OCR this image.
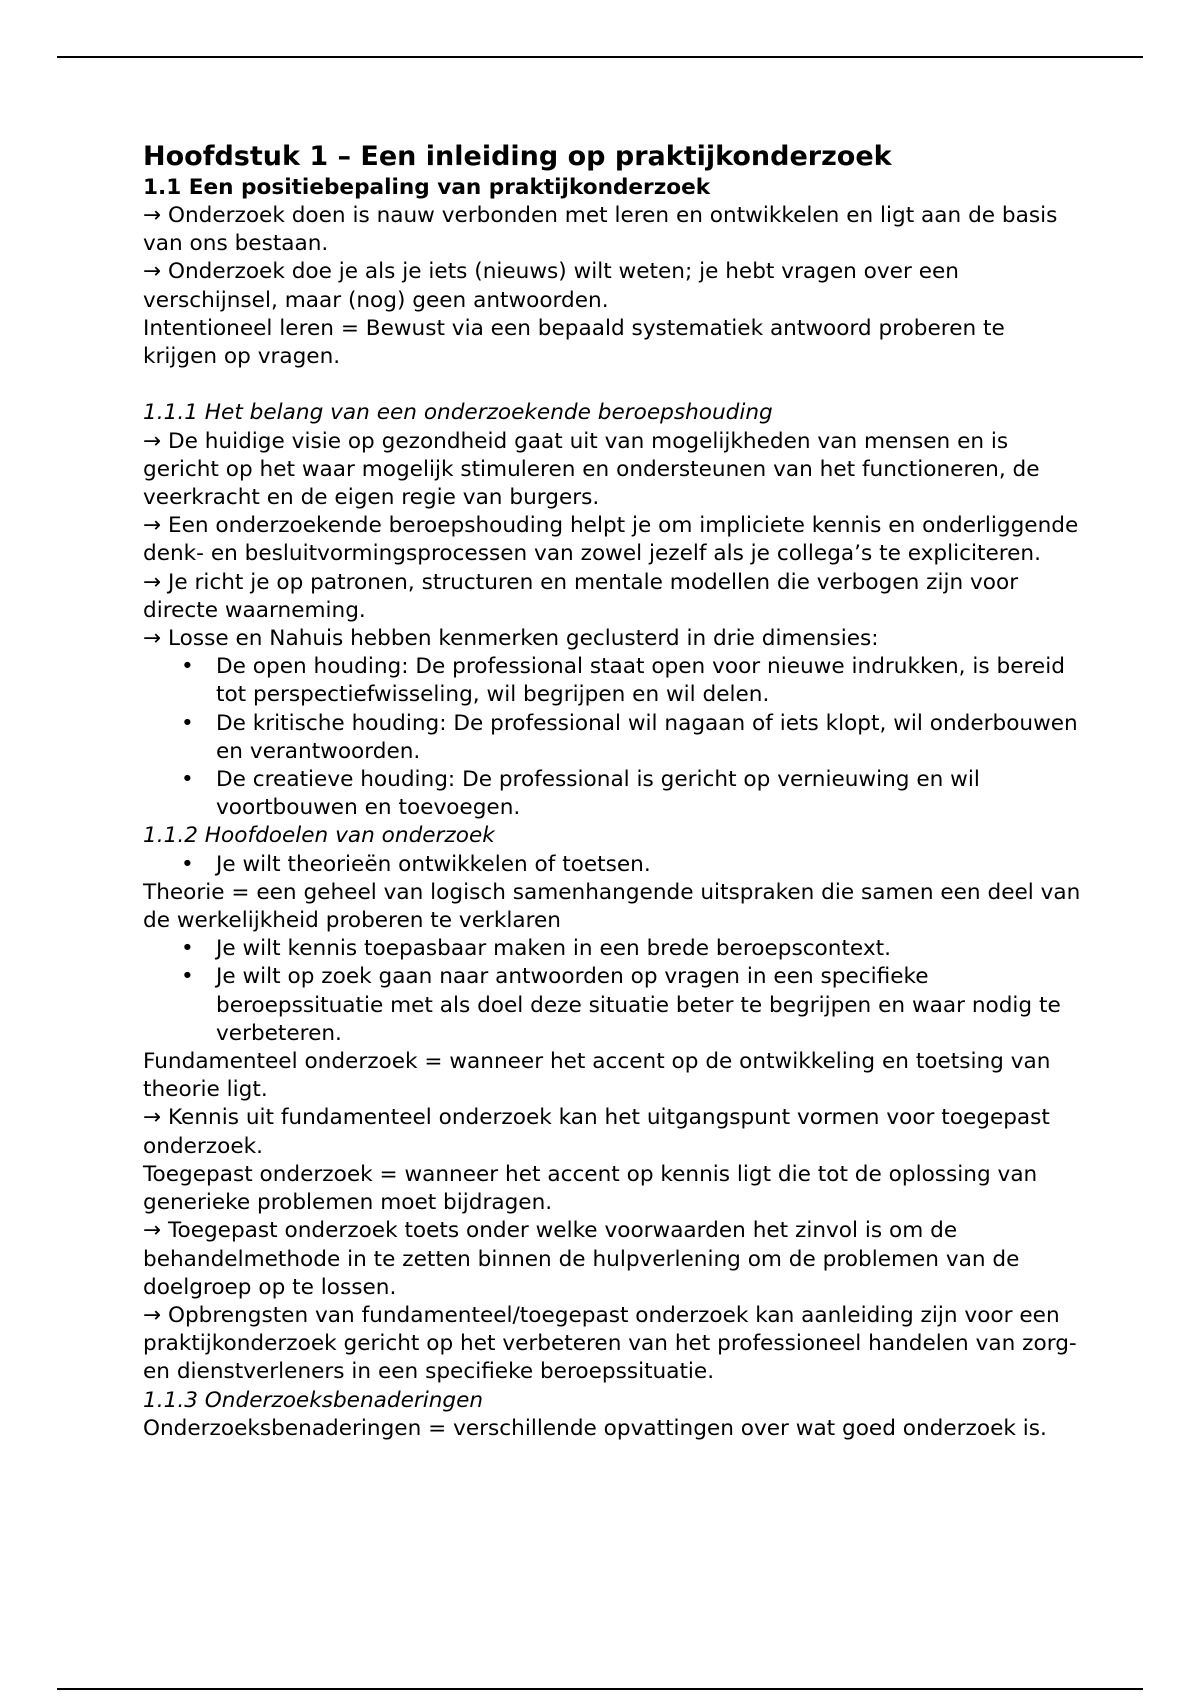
Hoofdstuk 1 – Een inleiding op praktijkonderzoek
1.1 Een positiebepaling van praktijkonderzoek

→ Onderzoek doen is nauw verbonden met leren en ontwikkelen en ligt aan de basis van ons bestaan.

→ Onderzoek doe je als je iets (nieuws) wilt weten; je hebt vragen over een verschijnsel, maar (nog) geen antwoorden.

Intentioneel leren = Bewust via een bepaald systematiek antwoord proberen te krijgen op vragen.

1.1.1 Het belang van een onderzoekende beroepshouding

→ De huidige visie op gezondheid gaat uit van mogelijkheden van mensen en is gericht op het waar mogelijk stimuleren en ondersteunen van het functioneren, de veerkracht en de eigen regie van burgers.

→ Een onderzoekende beroepshouding helpt je om impliciete kennis en onderliggende denk- en besluitvormingsprocessen van zowel jezelf als je collega’s te expliciteren.

→ Je richt je op patronen, structuren en mentale modellen die verbogen zijn voor directe waarneming.

→ Losse en Nahuis hebben kenmerken geclusterd in drie dimensies:

• De open houding: De professional staat open voor nieuwe indrukken, is bereid tot perspectiefwisseling, wil begrijpen en wil delen.
• De kritische houding: De professional wil nagaan of iets klopt, wil onderbouwen en verantwoorden.
• De creatieve houding: De professional is gericht op vernieuwing en wil voortbouwen en toevoegen.
1.1.2 Hoofdoelen van onderzoek
• Je wilt theorieën ontwikkelen of toetsen.

Theorie = een geheel van logisch samenhangende uitspraken die samen een deel van de werkelijkheid proberen te verklaren

• Je wilt kennis toepasbaar maken in een brede beroepscontext.
• Je wilt op zoek gaan naar antwoorden op vragen in een specifieke beroepssituatie met als doel deze situatie beter te begrijpen en waar nodig te verbeteren.

Fundamenteel onderzoek = wanneer het accent op de ontwikkeling en toetsing van theorie ligt.

→ Kennis uit fundamenteel onderzoek kan het uitgangspunt vormen voor toegepast onderzoek.

Toegepast onderzoek = wanneer het accent op kennis ligt die tot de oplossing van generieke problemen moet bijdragen.

→ Toegepast onderzoek toets onder welke voorwaarden het zinvol is om de behandelmethode in te zetten binnen de hulpverlening om de problemen van de doelgroep op te lossen.

→ Opbrengsten van fundamenteel/toegepast onderzoek kan aanleiding zijn voor een praktijkonderzoek gericht op het verbeteren van het professioneel handelen van zorg- en dienstverleners in een specifieke beroepssituatie.

1.1.3 Onderzoeksbenaderingen

Onderzoeksbenaderingen = verschillende opvattingen over wat goed onderzoek is.
